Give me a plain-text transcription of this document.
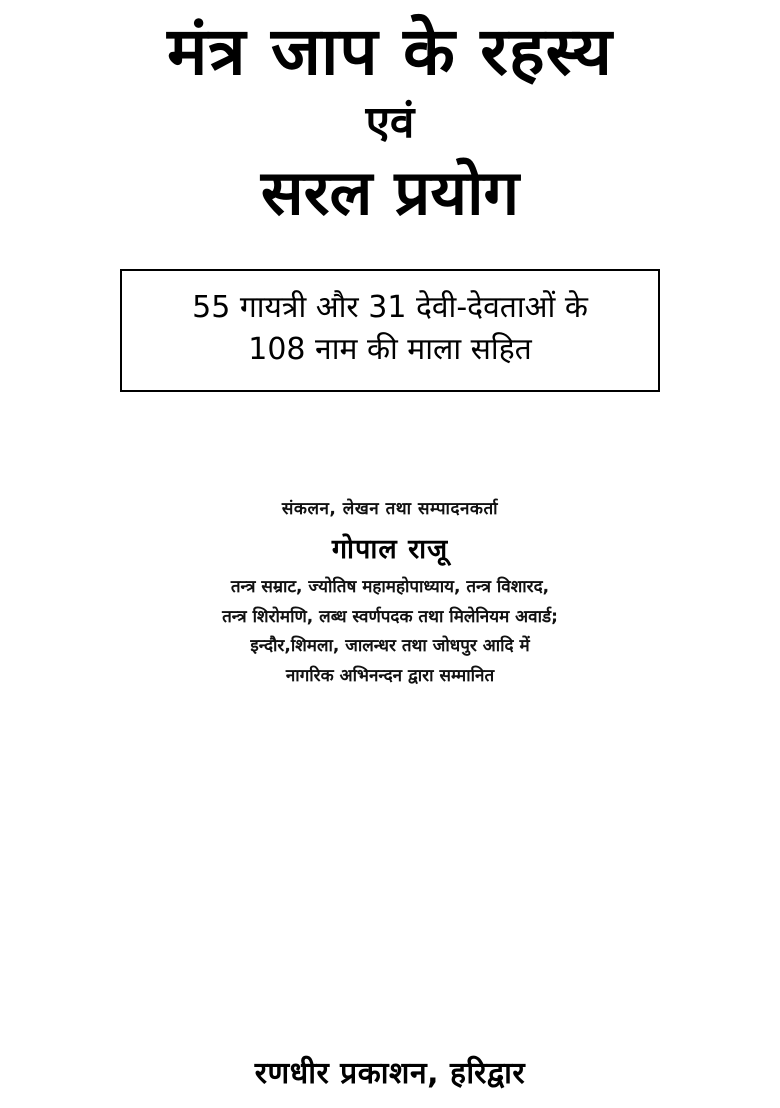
मंत्र जाप के रहस्य
एवं
सरल प्रयोग
55 गायत्री और 31 देवी-देवताओं के
108 नाम की माला सहित
संकलन, लेखन तथा सम्पादनकर्ता
गोपाल राजू
तन्त्र सम्राट, ज्योतिष महामहोपाध्याय, तन्त्र विशारद,
तन्त्र शिरोमणि, लब्ध स्वर्णपदक तथा मिलेनियम अवार्ड;
इन्दौर,शिमला, जालन्धर तथा जोधपुर आदि में
नागरिक अभिनन्दन द्वारा सम्मानित
रणधीर प्रकाशन, हरिद्वार
